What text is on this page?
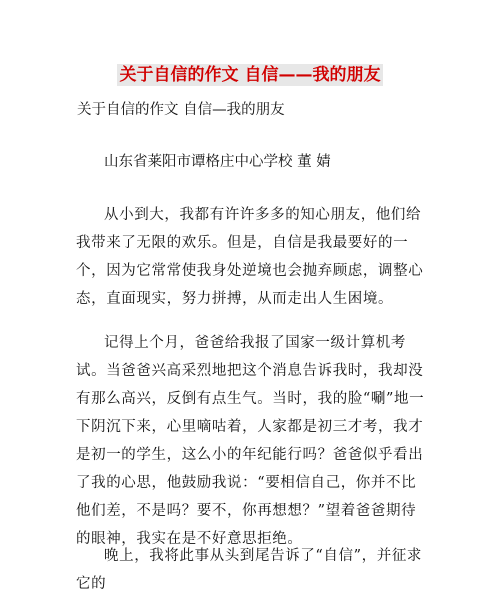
关于自信的作文 自信——我的朋友
关于自信的作文 自信—我的朋友
山东省莱阳市谭格庄中心学校 董 婧

从小到大，我都有许许多多的知心朋友，他们给我带来了无限的欢乐。但是，自信是我最要好的一个，因为它常常使我身处逆境也会抛弃顾虑，调整心态，直面现实，努力拼搏，从而走出人生困境。

记得上个月，爸爸给我报了国家一级计算机考试。当爸爸兴高采烈地把这个消息告诉我时，我却没有那么高兴，反倒有点生气。当时，我的脸“唰”地一下阴沉下来，心里嘀咕着，人家都是初三才考，我才是初一的学生，这么小的年纪能行吗？爸爸似乎看出了我的心思，他鼓励我说：“要相信自己，你并不比他们差，不是吗？要不，你再想想？”望着爸爸期待的眼神，我实在是不好意思拒绝。

晚上，我将此事从头到尾告诉了“自信”，并征求它的
